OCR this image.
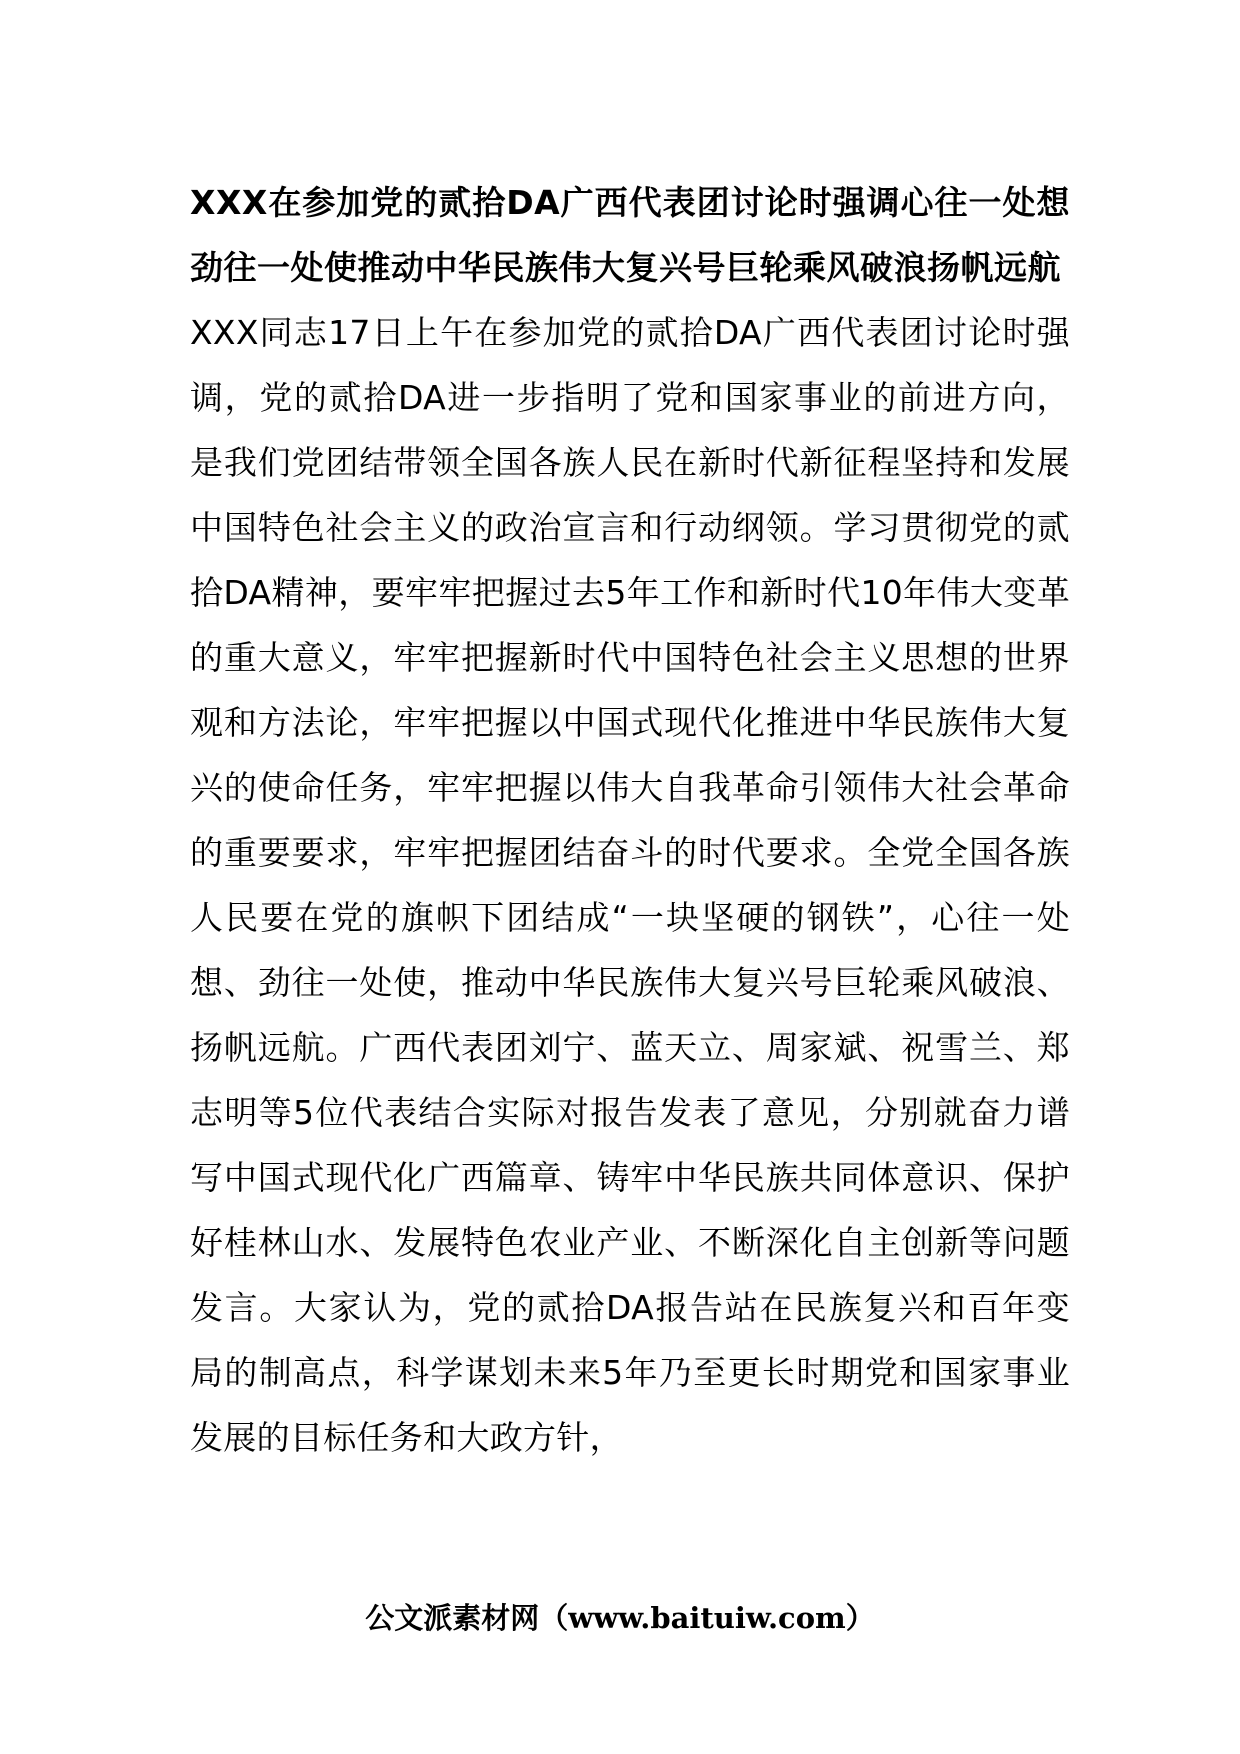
XXX在参加党的贰拾DA广西代表团讨论时强调心往一处想劲往一处使推动中华民族伟大复兴号巨轮乘风破浪扬帆远航

XXX同志17日上午在参加党的贰拾DA广西代表团讨论时强调，党的贰拾DA进一步指明了党和国家事业的前进方向，是我们党团结带领全国各族人民在新时代新征程坚持和发展中国特色社会主义的政治宣言和行动纲领。学习贯彻党的贰拾DA精神，要牢牢把握过去5年工作和新时代10年伟大变革的重大意义，牢牢把握新时代中国特色社会主义思想的世界观和方法论，牢牢把握以中国式现代化推进中华民族伟大复兴的使命任务，牢牢把握以伟大自我革命引领伟大社会革命的重要要求，牢牢把握团结奋斗的时代要求。全党全国各族人民要在党的旗帜下团结成“一块坚硬的钢铁”，心往一处想、劲往一处使，推动中华民族伟大复兴号巨轮乘风破浪、扬帆远航。广西代表团刘宁、蓝天立、周家斌、祝雪兰、郑志明等5位代表结合实际对报告发表了意见，分别就奋力谱写中国式现代化广西篇章、铸牢中华民族共同体意识、保护好桂林山水、发展特色农业产业、不断深化自主创新等问题发言。大家认为，党的贰拾DA报告站在民族复兴和百年变局的制高点，科学谋划未来5年乃至更长时期党和国家事业发展的目标任务和大政方针，

公文派素材网（www.baituiw.com）
